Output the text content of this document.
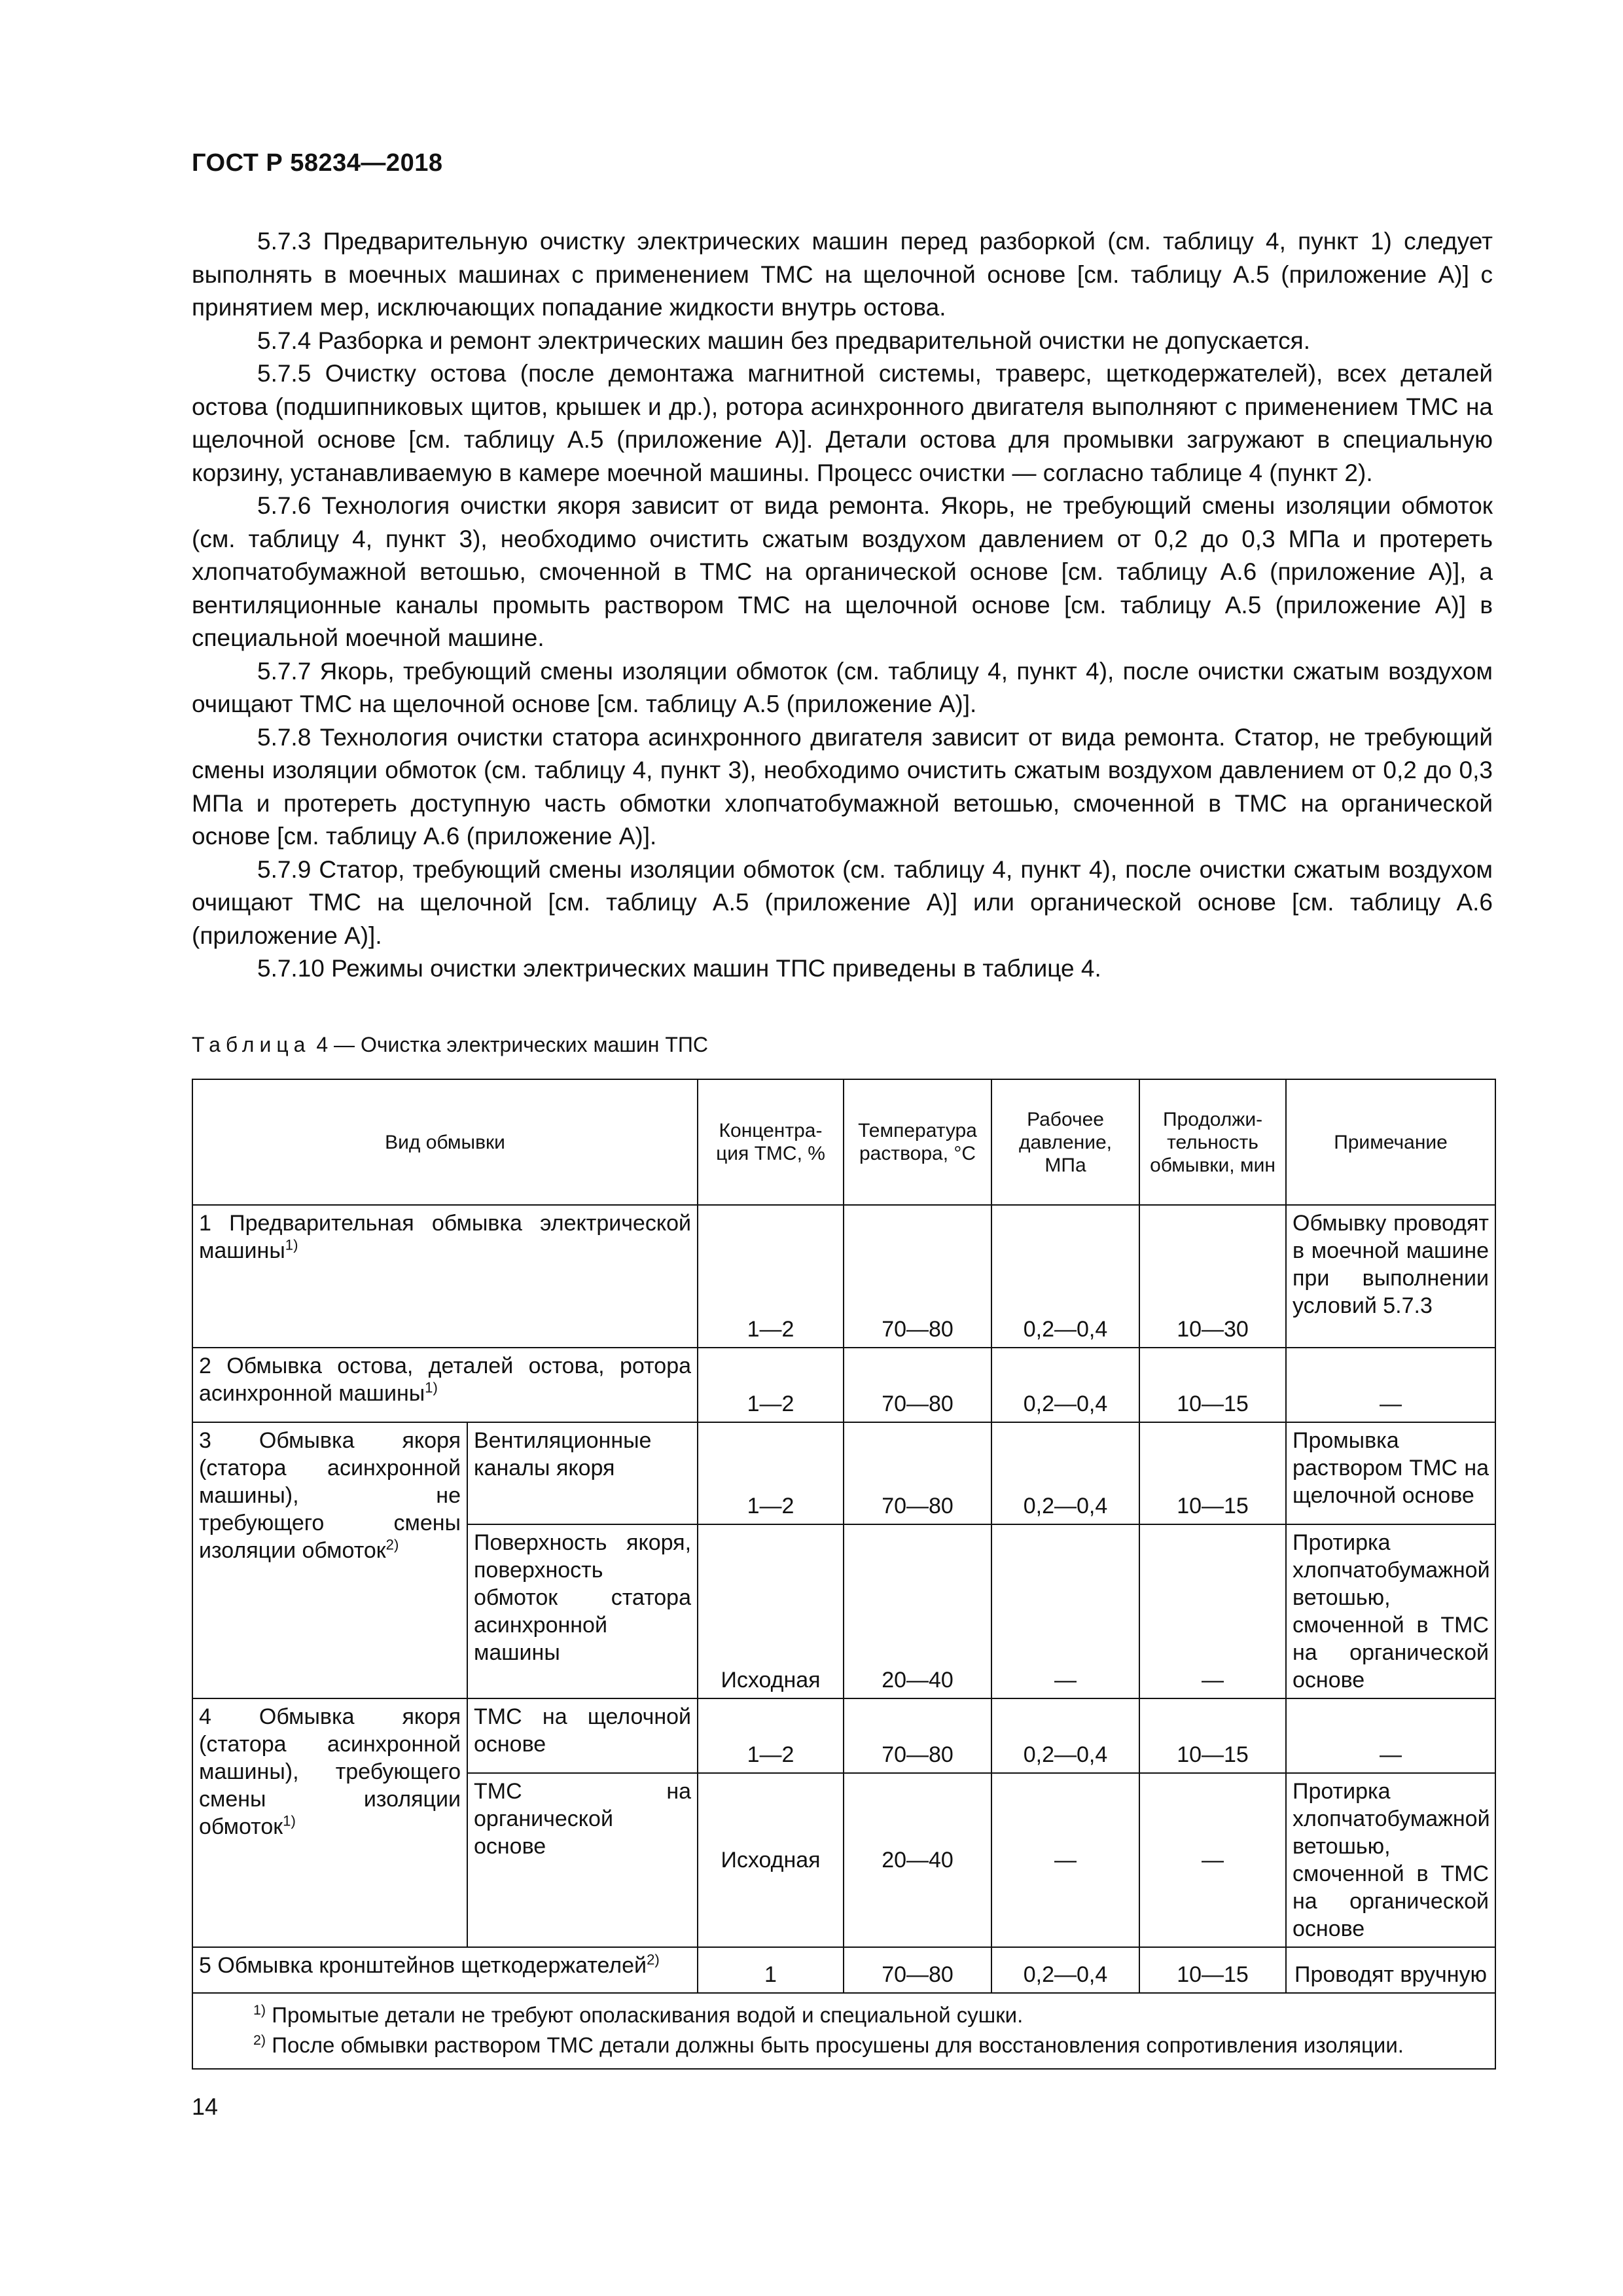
ГОСТ Р 58234—2018

5.7.3 Предварительную очистку электрических машин перед разборкой (см. таблицу 4, пункт 1) следует выполнять в моечных машинах с применением ТМС на щелочной основе [см. таблицу А.5 (приложение А)] с принятием мер, исключающих попадание жидкости внутрь остова.

5.7.4 Разборка и ремонт электрических машин без предварительной очистки не допускается.

5.7.5 Очистку остова (после демонтажа магнитной системы, траверс, щеткодержателей), всех деталей остова (подшипниковых щитов, крышек и др.), ротора асинхронного двигателя выполняют с применением ТМС на щелочной основе [см. таблицу А.5 (приложение А)]. Детали остова для промывки загружают в специальную корзину, устанавливаемую в камере моечной машины. Процесс очистки — согласно таблице 4 (пункт 2).

5.7.6 Технология очистки якоря зависит от вида ремонта. Якорь, не требующий смены изоляции обмоток (см. таблицу 4, пункт 3), необходимо очистить сжатым воздухом давлением от 0,2 до 0,3 МПа и протереть хлопчатобумажной ветошью, смоченной в ТМС на органической основе [см. таблицу А.6 (приложение А)], а вентиляционные каналы промыть раствором ТМС на щелочной основе [см. таблицу А.5 (приложение А)] в специальной моечной машине.

5.7.7 Якорь, требующий смены изоляции обмоток (см. таблицу 4, пункт 4), после очистки сжатым воздухом очищают ТМС на щелочной основе [см. таблицу А.5 (приложение А)].

5.7.8 Технология очистки статора асинхронного двигателя зависит от вида ремонта. Статор, не требующий смены изоляции обмоток (см. таблицу 4, пункт 3), необходимо очистить сжатым воздухом давлением от 0,2 до 0,3 МПа и протереть доступную часть обмотки хлопчатобумажной ветошью, смоченной в ТМС на органической основе [см. таблицу А.6 (приложение А)].

5.7.9 Статор, требующий смены изоляции обмоток (см. таблицу 4, пункт 4), после очистки сжатым воздухом очищают ТМС на щелочной [см. таблицу А.5 (приложение А)] или органической основе [см. таблицу А.6 (приложение А)].

5.7.10 Режимы очистки электрических машин ТПС приведены в таблице 4.

Таблица 4 — Очистка электрических машин ТПС
Вид обмывки		Концентра-ция ТМС, %	Температура раствора, °С	Рабочее давление, МПа	Продолжи-тельность обмывки, мин	Примечание
1 Предварительная обмывка электрической машины$^{1)}$		1—2	70—80	0,2—0,4	10—30	Обмывку проводят в моечной машине при выполнении условий 5.7.3
2 Обмывка остова, деталей остова, ротора асинхронной машины$^{1)}$		1—2	70—80	0,2—0,4	10—15	—
3 Обмывка якоря (статора асинхронной машины), не требующего смены изоляции обмоток$^{2)}$	Вентиляционные каналы якоря	1—2	70—80	0,2—0,4	10—15	Промывка раствором ТМС на щелочной основе
	Поверхность якоря, поверхность обмоток статора асинхронной машины	Исходная	20—40	—	—	Протирка хлопчатобумажной ветошью, смоченной в ТМС на органической основе
4 Обмывка якоря (статора асинхронной машины), требующего смены изоляции обмоток$^{1)}$	ТМС на щелочной основе	1—2	70—80	0,2—0,4	10—15	—
	ТМС на органической основе	Исходная	20—40	—	—	Протирка хлопчатобумажной ветошью, смоченной в ТМС на органической основе
5 Обмывка кронштейнов щеткодержателей$^{2)}$		1	70—80	0,2—0,4	10—15	Проводят вручную

$^{1)}$ Промытые детали не требуют ополаскивания водой и специальной сушки.
$^{2)}$ После обмывки раствором ТМС детали должны быть просушены для восстановления сопротивления изоляции.						
14
